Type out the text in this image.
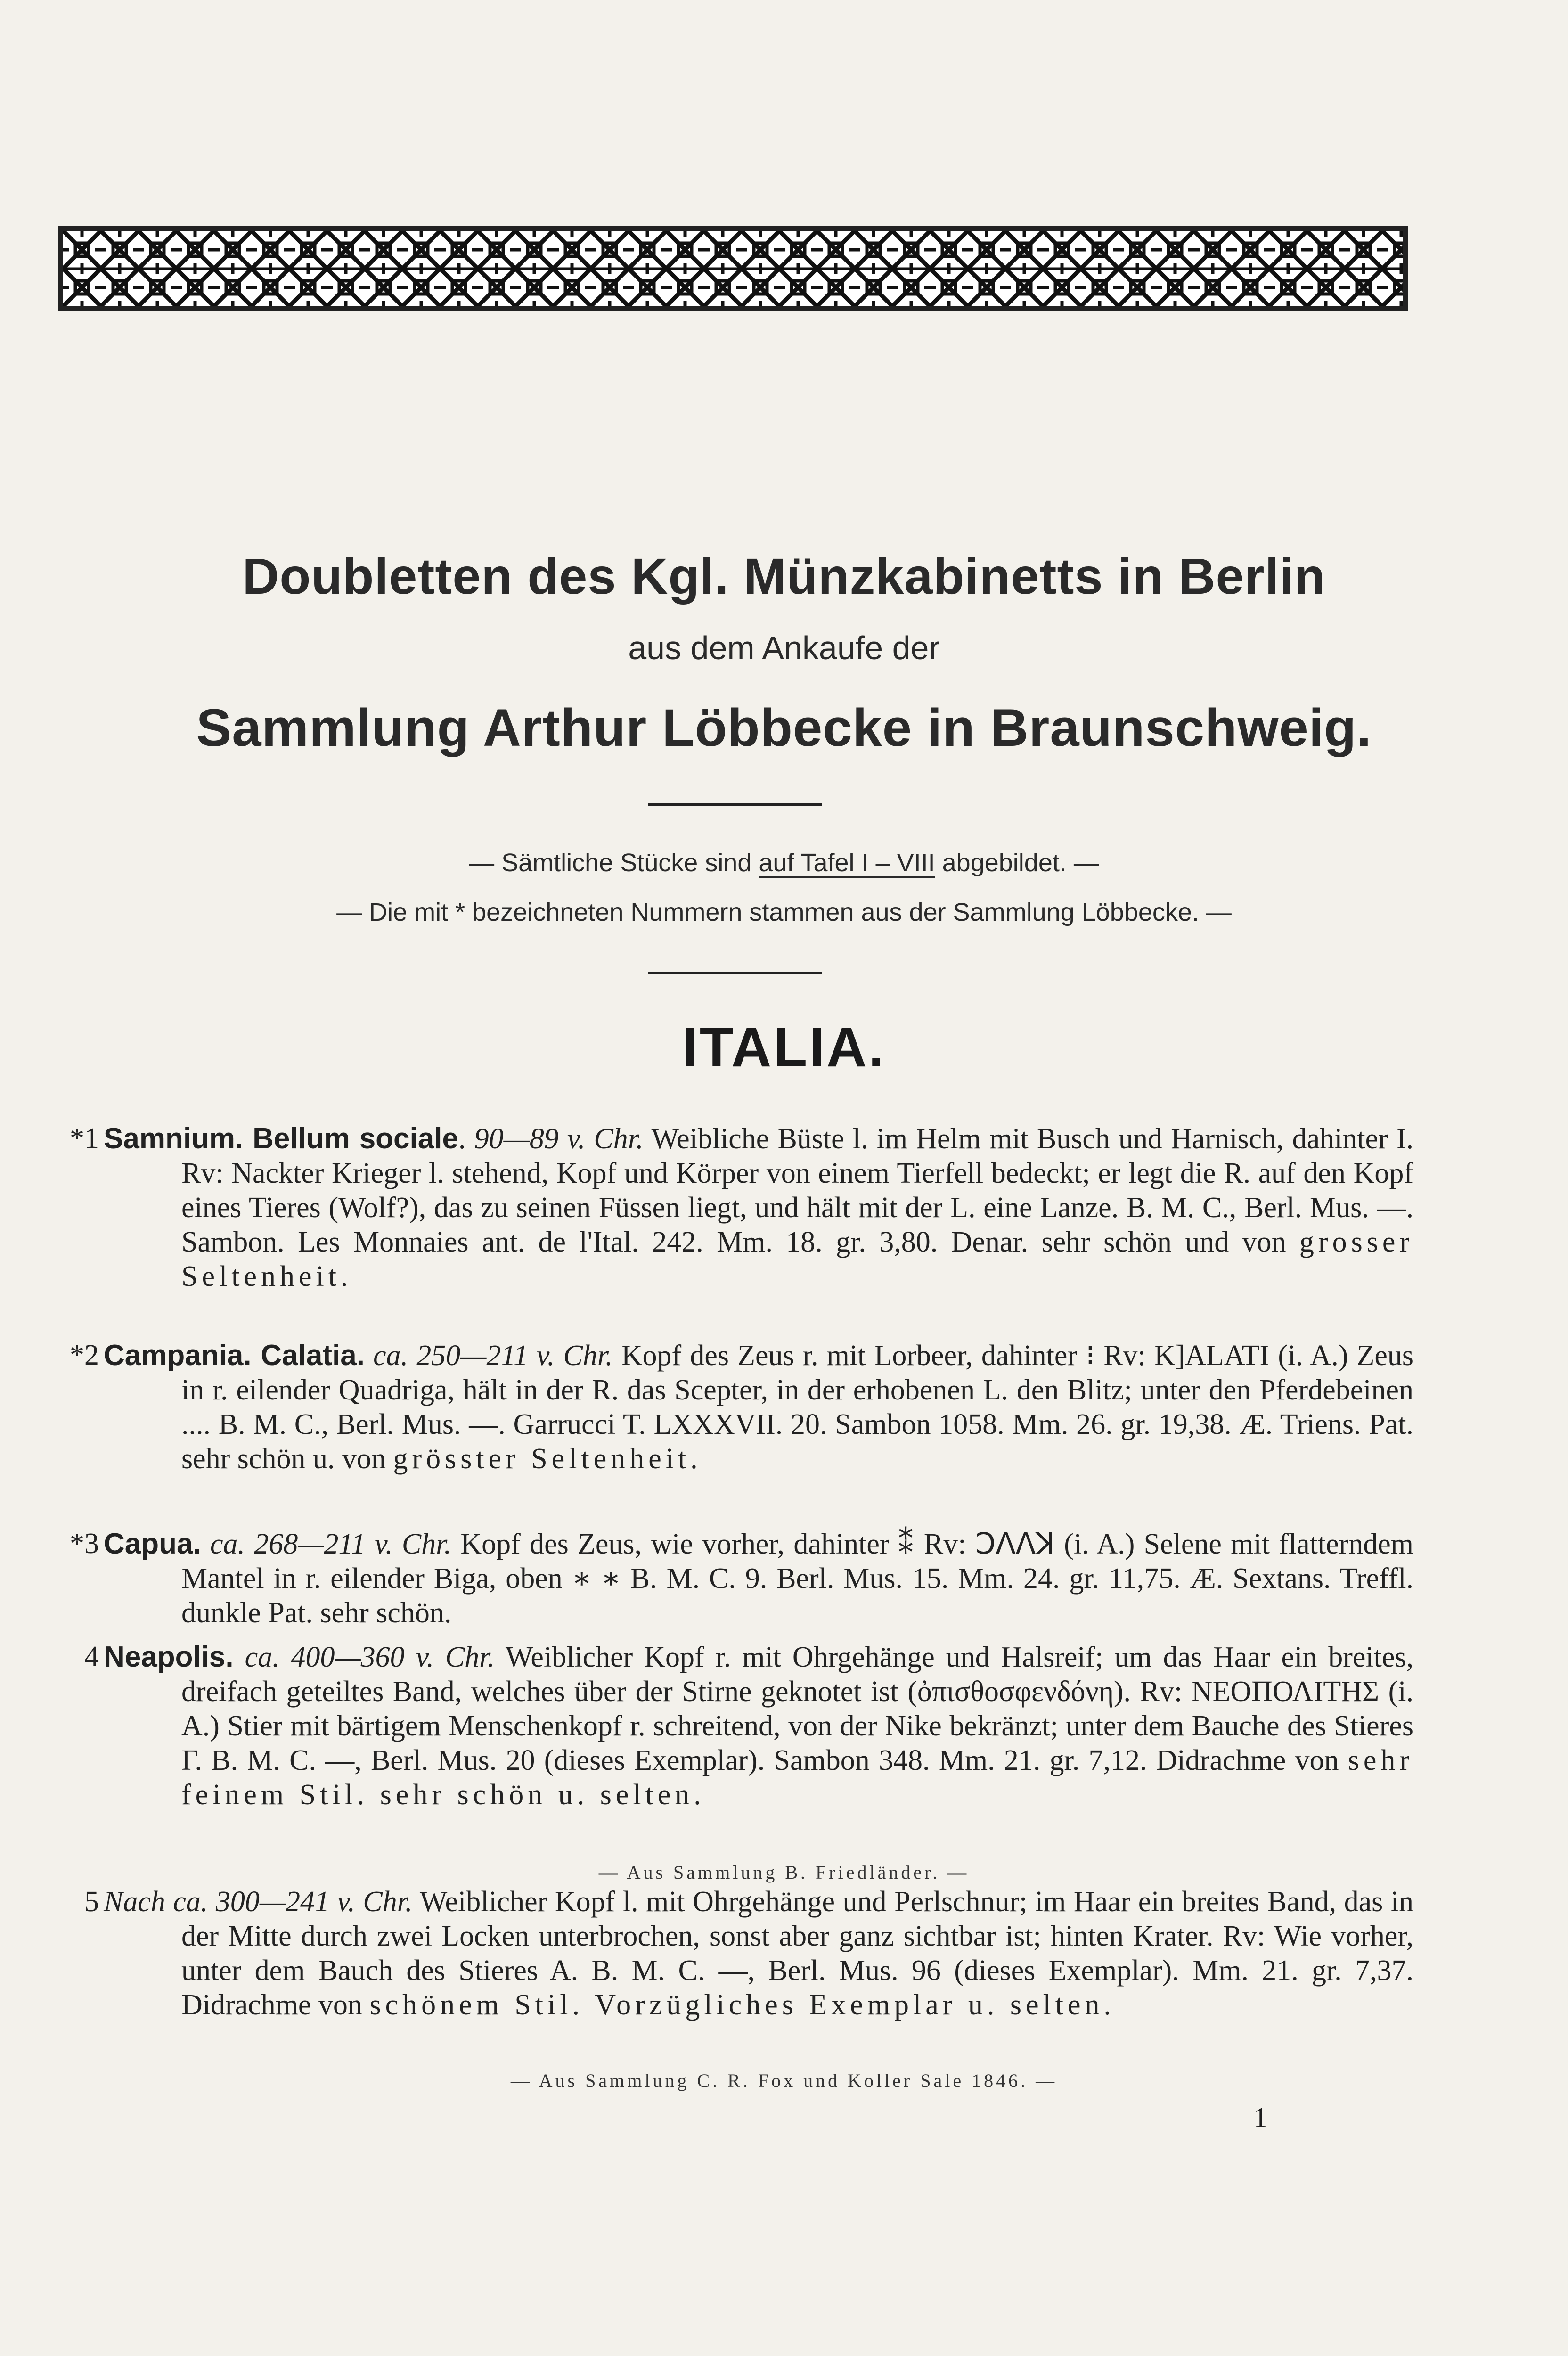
Doubletten des Kgl. Münzkabinetts in Berlin
aus dem Ankaufe der
Sammlung Arthur Löbbecke in Braunschweig.
— Sämtliche Stücke sind auf Tafel I – VIII abgebildet. —
— Die mit * bezeichneten Nummern stammen aus der Sammlung Löbbecke. —
ITALIA.
*1 Samnium. Bellum sociale. 90—89 v. Chr. Weibliche Büste l. im Helm mit Busch und Harnisch, dahinter I. Rv: Nackter Krieger l. stehend, Kopf und Körper von einem Tierfell bedeckt; er legt die R. auf den Kopf eines Tieres (Wolf?), das zu seinen Füssen liegt, und hält mit der L. eine Lanze. B. M. C., Berl. Mus. —. Sambon. Les Monnaies ant. de l'Ital. 242. Mm. 18. gr. 3,80. Denar. sehr schön und von grosser Seltenheit.
*2 Campania. Calatia. ca. 250—211 v. Chr. Kopf des Zeus r. mit Lorbeer, dahinter ⁝ Rv: K]ALATI (i. A.) Zeus in r. eilender Quadriga, hält in der R. das Scepter, in der erhobenen L. den Blitz; unter den Pferdebeinen .... B. M. C., Berl. Mus. —. Garrucci T. LXXXVII. 20. Sambon 1058. Mm. 26. gr. 19,38. Æ. Triens. Pat. sehr schön u. von grösster Seltenheit.
*3 Capua. ca. 268—211 v. Chr. Kopf des Zeus, wie vorher, dahinter ⁑ Rv: ꓛꓥꓥꓘ (i. A.) Selene mit flatterndem Mantel in r. eilender Biga, oben ∗ ∗ B. M. C. 9. Berl. Mus. 15. Mm. 24. gr. 11,75. Æ. Sextans. Treffl. dunkle Pat. sehr schön.
4 Neapolis. ca. 400—360 v. Chr. Weiblicher Kopf r. mit Ohrgehänge und Halsreif; um das Haar ein breites, dreifach geteiltes Band, welches über der Stirne geknotet ist (ὀπισθοσφενδόνη). Rv: ΝΕΟΠΟΛΙΤΗΣ (i. A.) Stier mit bärtigem Menschenkopf r. schreitend, von der Nike bekränzt; unter dem Bauche des Stieres Γ. B. M. C. —, Berl. Mus. 20 (dieses Exemplar). Sambon 348. Mm. 21. gr. 7,12. Didrachme von sehr feinem Stil. sehr schön u. selten.
— Aus Sammlung B. Friedländer. —
5 Nach ca. 300—241 v. Chr. Weiblicher Kopf l. mit Ohrgehänge und Perlschnur; im Haar ein breites Band, das in der Mitte durch zwei Locken unterbrochen, sonst aber ganz sichtbar ist; hinten Krater. Rv: Wie vorher, unter dem Bauch des Stieres A. B. M. C. —, Berl. Mus. 96 (dieses Exemplar). Mm. 21. gr. 7,37. Didrachme von schönem Stil. Vorzügliches Exemplar u. selten.
— Aus Sammlung C. R. Fox und Koller Sale 1846. —
1
